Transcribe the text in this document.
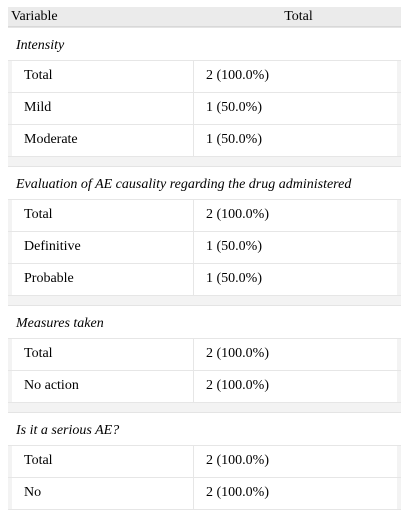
Variable	Total
Intensity
Total	2 (100.0%)
Mild	1 (50.0%)
Moderate	1 (50.0%)
Evaluation of AE causality regarding the drug administered
Total	2 (100.0%)
Definitive	1 (50.0%)
Probable	1 (50.0%)
Measures taken
Total	2 (100.0%)
No action	2 (100.0%)
Is it a serious AE?
Total	2 (100.0%)
No	2 (100.0%)
